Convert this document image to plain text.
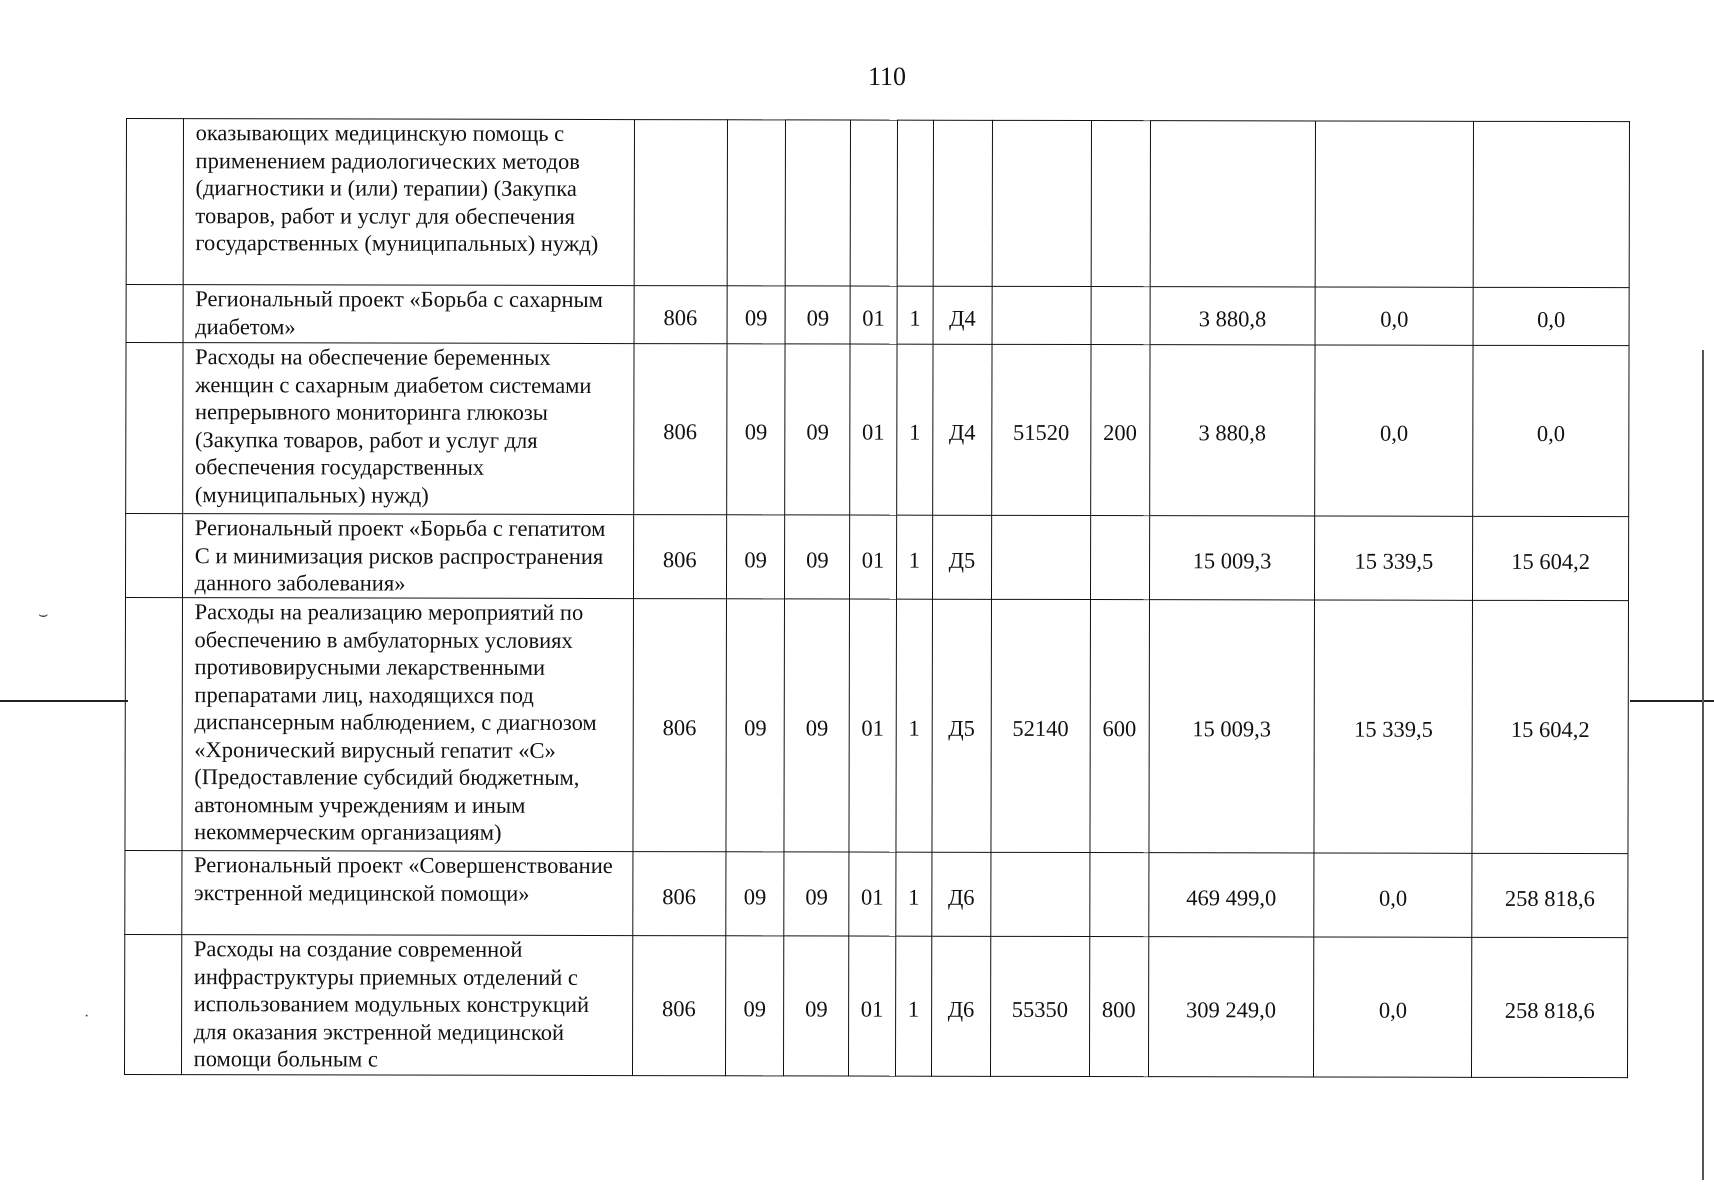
110
	оказывающих медицинскую помощь с применением радиологических методов (диагностики и (или) терапии) (Закупка товаров, работ и услуг для обеспечения государственных (муниципальных) нужд)											
	Региональный проект «Борьба с сахарным диабетом»	806	09	09	01	1	Д4			3 880,8	0,0	0,0
	Расходы на обеспечение беременных женщин с сахарным диабетом системами непрерывного мониторинга глюкозы (Закупка товаров, работ и услуг для обеспечения государственных (муниципальных) нужд)	806	09	09	01	1	Д4	51520	200	3 880,8	0,0	0,0
	Региональный проект «Борьба с гепатитом С и минимизация рисков распространения данного заболевания»	806	09	09	01	1	Д5			15 009,3	15 339,5	15 604,2
	Расходы на реализацию мероприятий по обеспечению в амбулаторных условиях противовирусными лекарственными препаратами лиц, находящихся под диспансерным наблюдением, с диагнозом «Хронический вирусный гепатит «С» (Предоставление субсидий бюджетным, автономным учреждениям и иным некоммерческим организациям)	806	09	09	01	1	Д5	52140	600	15 009,3	15 339,5	15 604,2
	Региональный проект «Совершенствование экстренной медицинской помощи»	806	09	09	01	1	Д6			469 499,0	0,0	258 818,6
	Расходы на создание современной инфраструктуры приемных отделений с использованием модульных конструкций для оказания экстренной медицинской помощи больным с	806	09	09	01	1	Д6	55350	800	309 249,0	0,0	258 818,6
⌣
·
